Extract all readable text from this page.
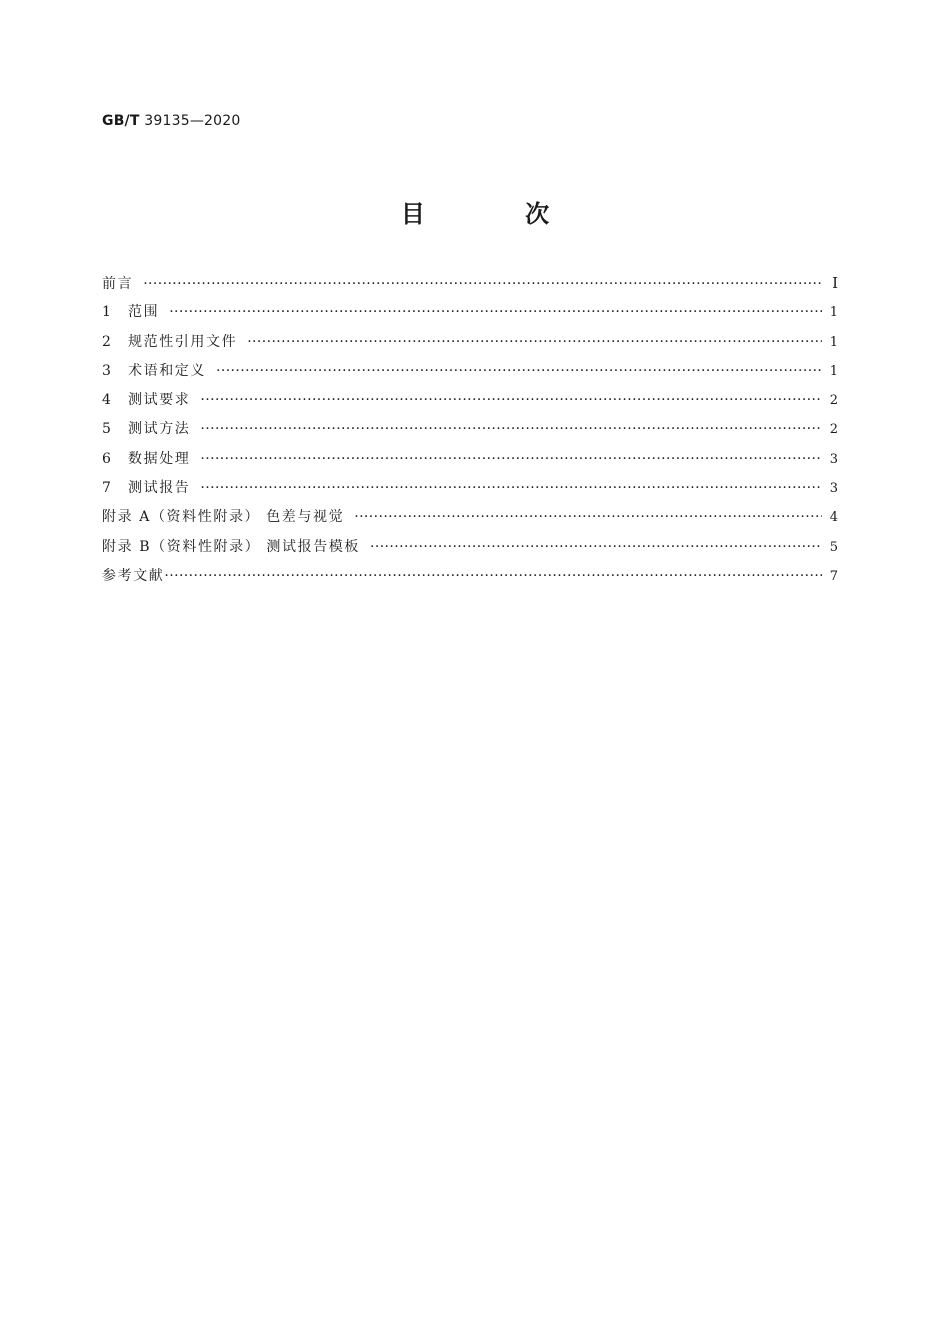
GB/T 39135—2020
目 次
前言 ·····	Ⅰ
1	范围 ·····	1
2	规范性引用文件 ·····	1
3	术语和定义 ·····	1
4	测试要求 ·····	2
5	测试方法 ·····	2
6	数据处理 ·····	3
7	测试报告 ·····	3
附录 A（资料性附录） 色差与视觉 ·····	4
附录 B（资料性附录） 测试报告模板 ·····	5
参考文献 ·····	7
